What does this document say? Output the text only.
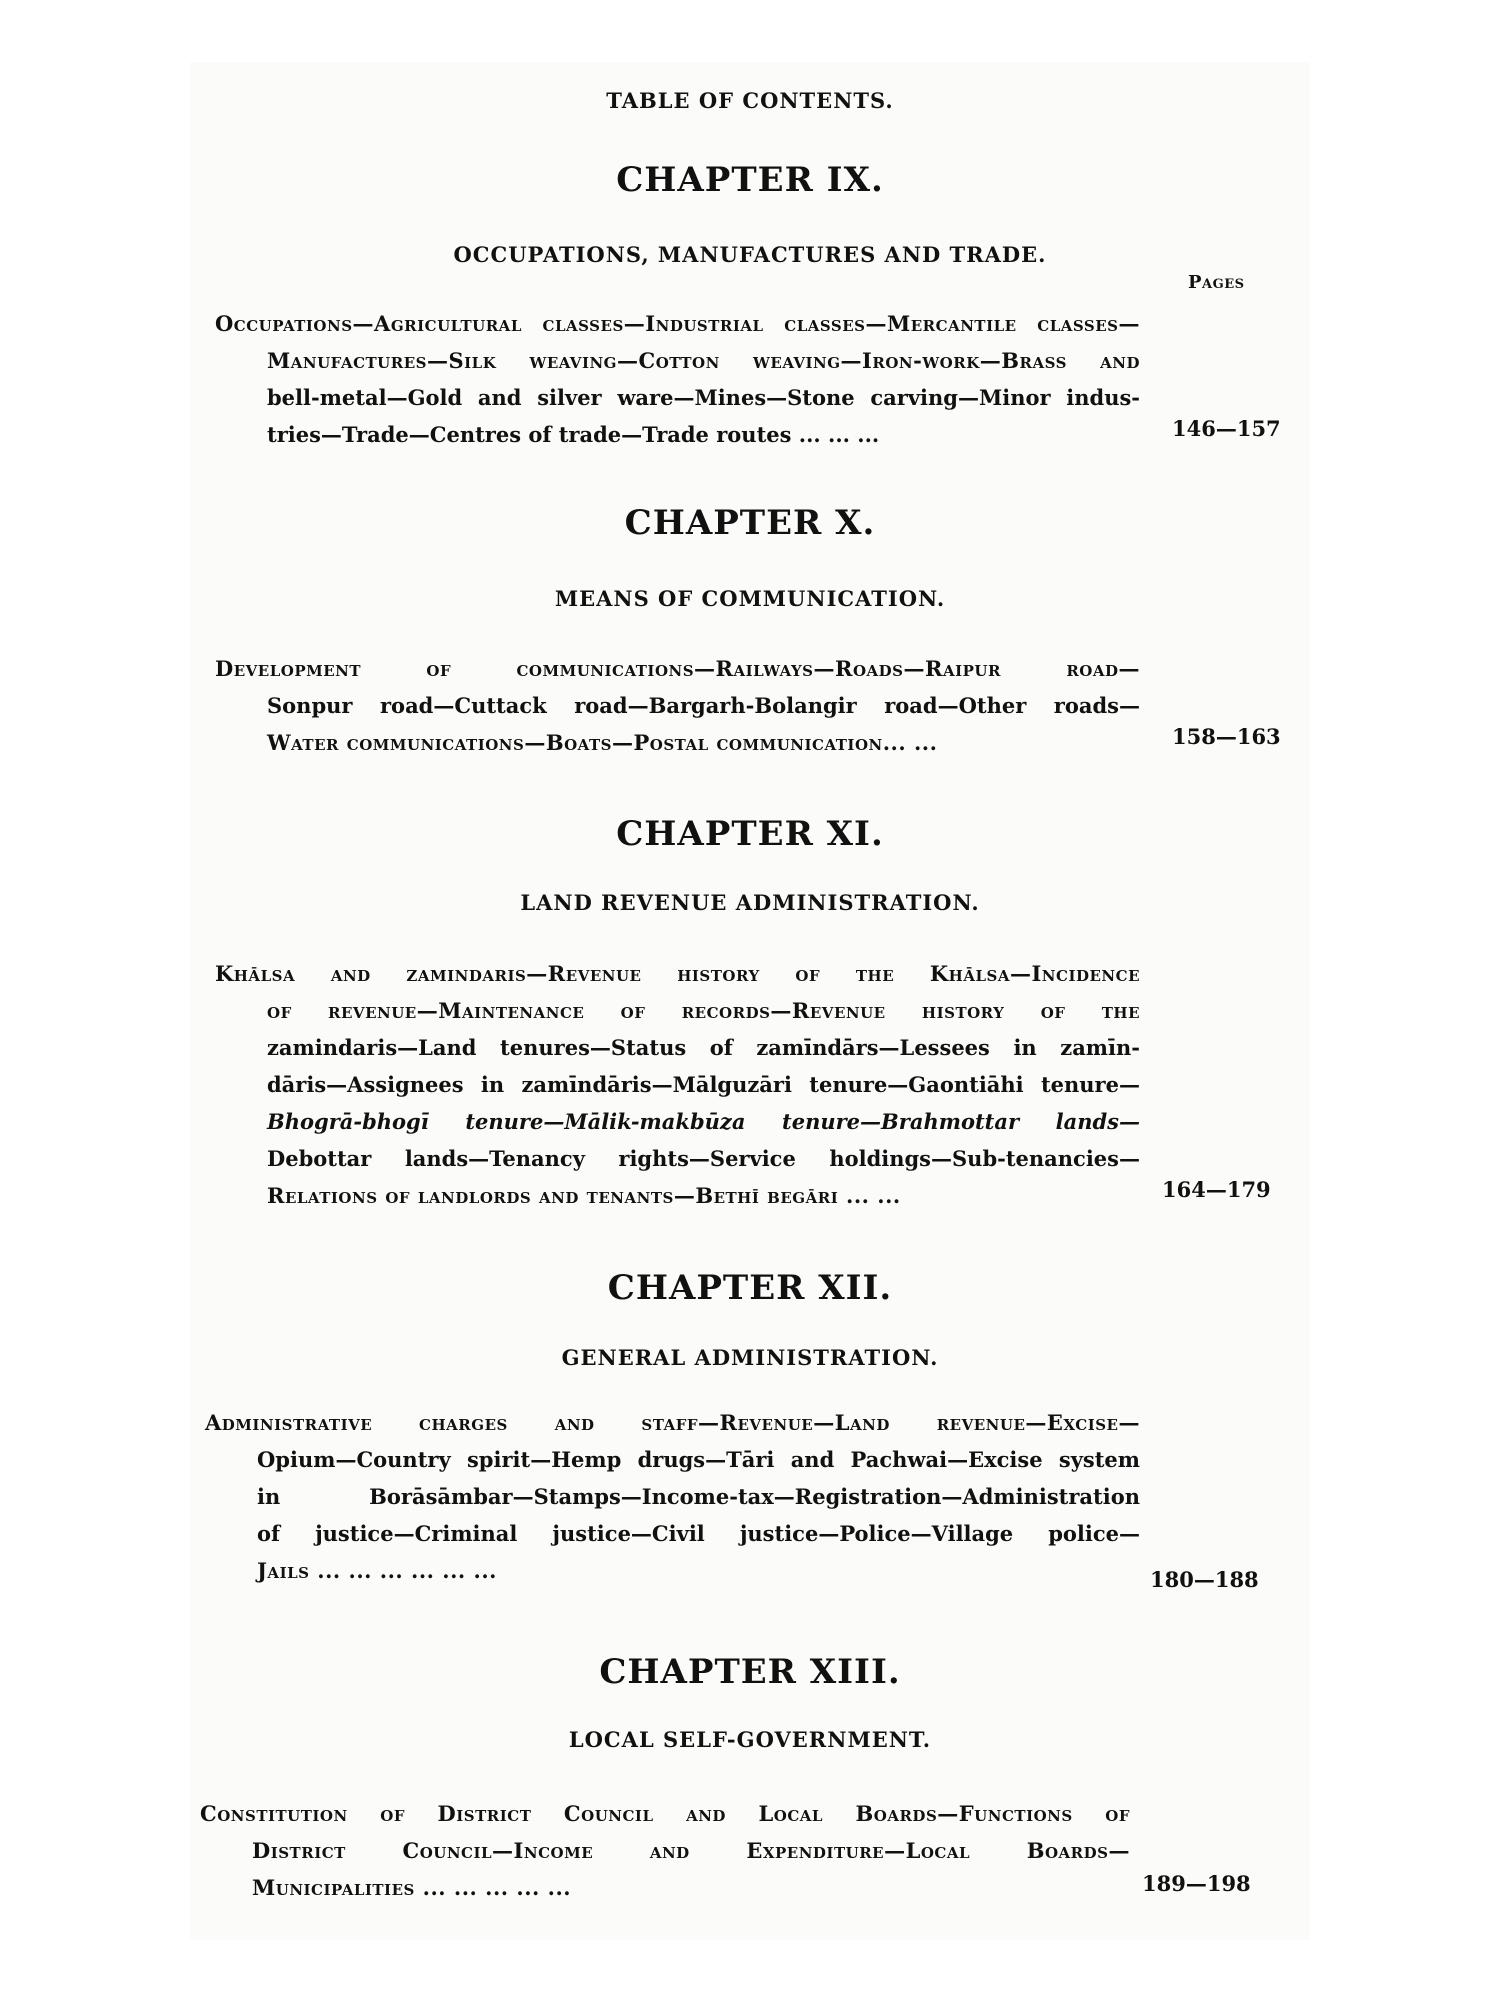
TABLE OF CONTENTS.
Pages
CHAPTER IX.
OCCUPATIONS, MANUFACTURES AND TRADE.
Occupations—Agricultural classes—Industrial classes—Mercantile classes—
Manufactures—Silk weaving—Cotton weaving—Iron-work—Brass and
bell-metal—Gold and silver ware—Mines—Stone carving—Minor indus-
tries—Trade—Centres of trade—Trade routes ... ... ...	146—157
CHAPTER X.
MEANS OF COMMUNICATION.
Development of communications—Railways—Roads—Raipur road—
Sonpur road—Cuttack road—Bargarh-Bolangir road—Other roads—
Water communications—Boats—Postal communication... ...	158—163
CHAPTER XI.
LAND REVENUE ADMINISTRATION.
Khālsa and zamindaris—Revenue history of the Khālsa—Incidence
of revenue—Maintenance of records—Revenue history of the
zamindaris—Land tenures—Status of zamīndārs—Lessees in zamīn-
dāris—Assignees in zamīndāris—Mālguzāri tenure—Gaontiāhi tenure—
Bhogrā-bhogī tenure—Mālik-makbūza tenure—Brahmottar lands—
Debottar lands—Tenancy rights—Service holdings—Sub-tenancies—
Relations of landlords and tenants—Bethī begāri ... ...	164—179
CHAPTER XII.
GENERAL ADMINISTRATION.
Administrative charges and staff—Revenue—Land revenue—Excise—
Opium—Country spirit—Hemp drugs—Tāri and Pachwai—Excise system
in Borāsāmbar—Stamps—Income-tax—Registration—Administration
of justice—Criminal justice—Civil justice—Police—Village police—
Jails ... ... ... ... ... ...	180—188
CHAPTER XIII.
LOCAL SELF-GOVERNMENT.
Constitution of District Council and Local Boards—Functions of
District Council—Income and Expenditure—Local Boards—
Municipalities ... ... ... ... ...	189—198
